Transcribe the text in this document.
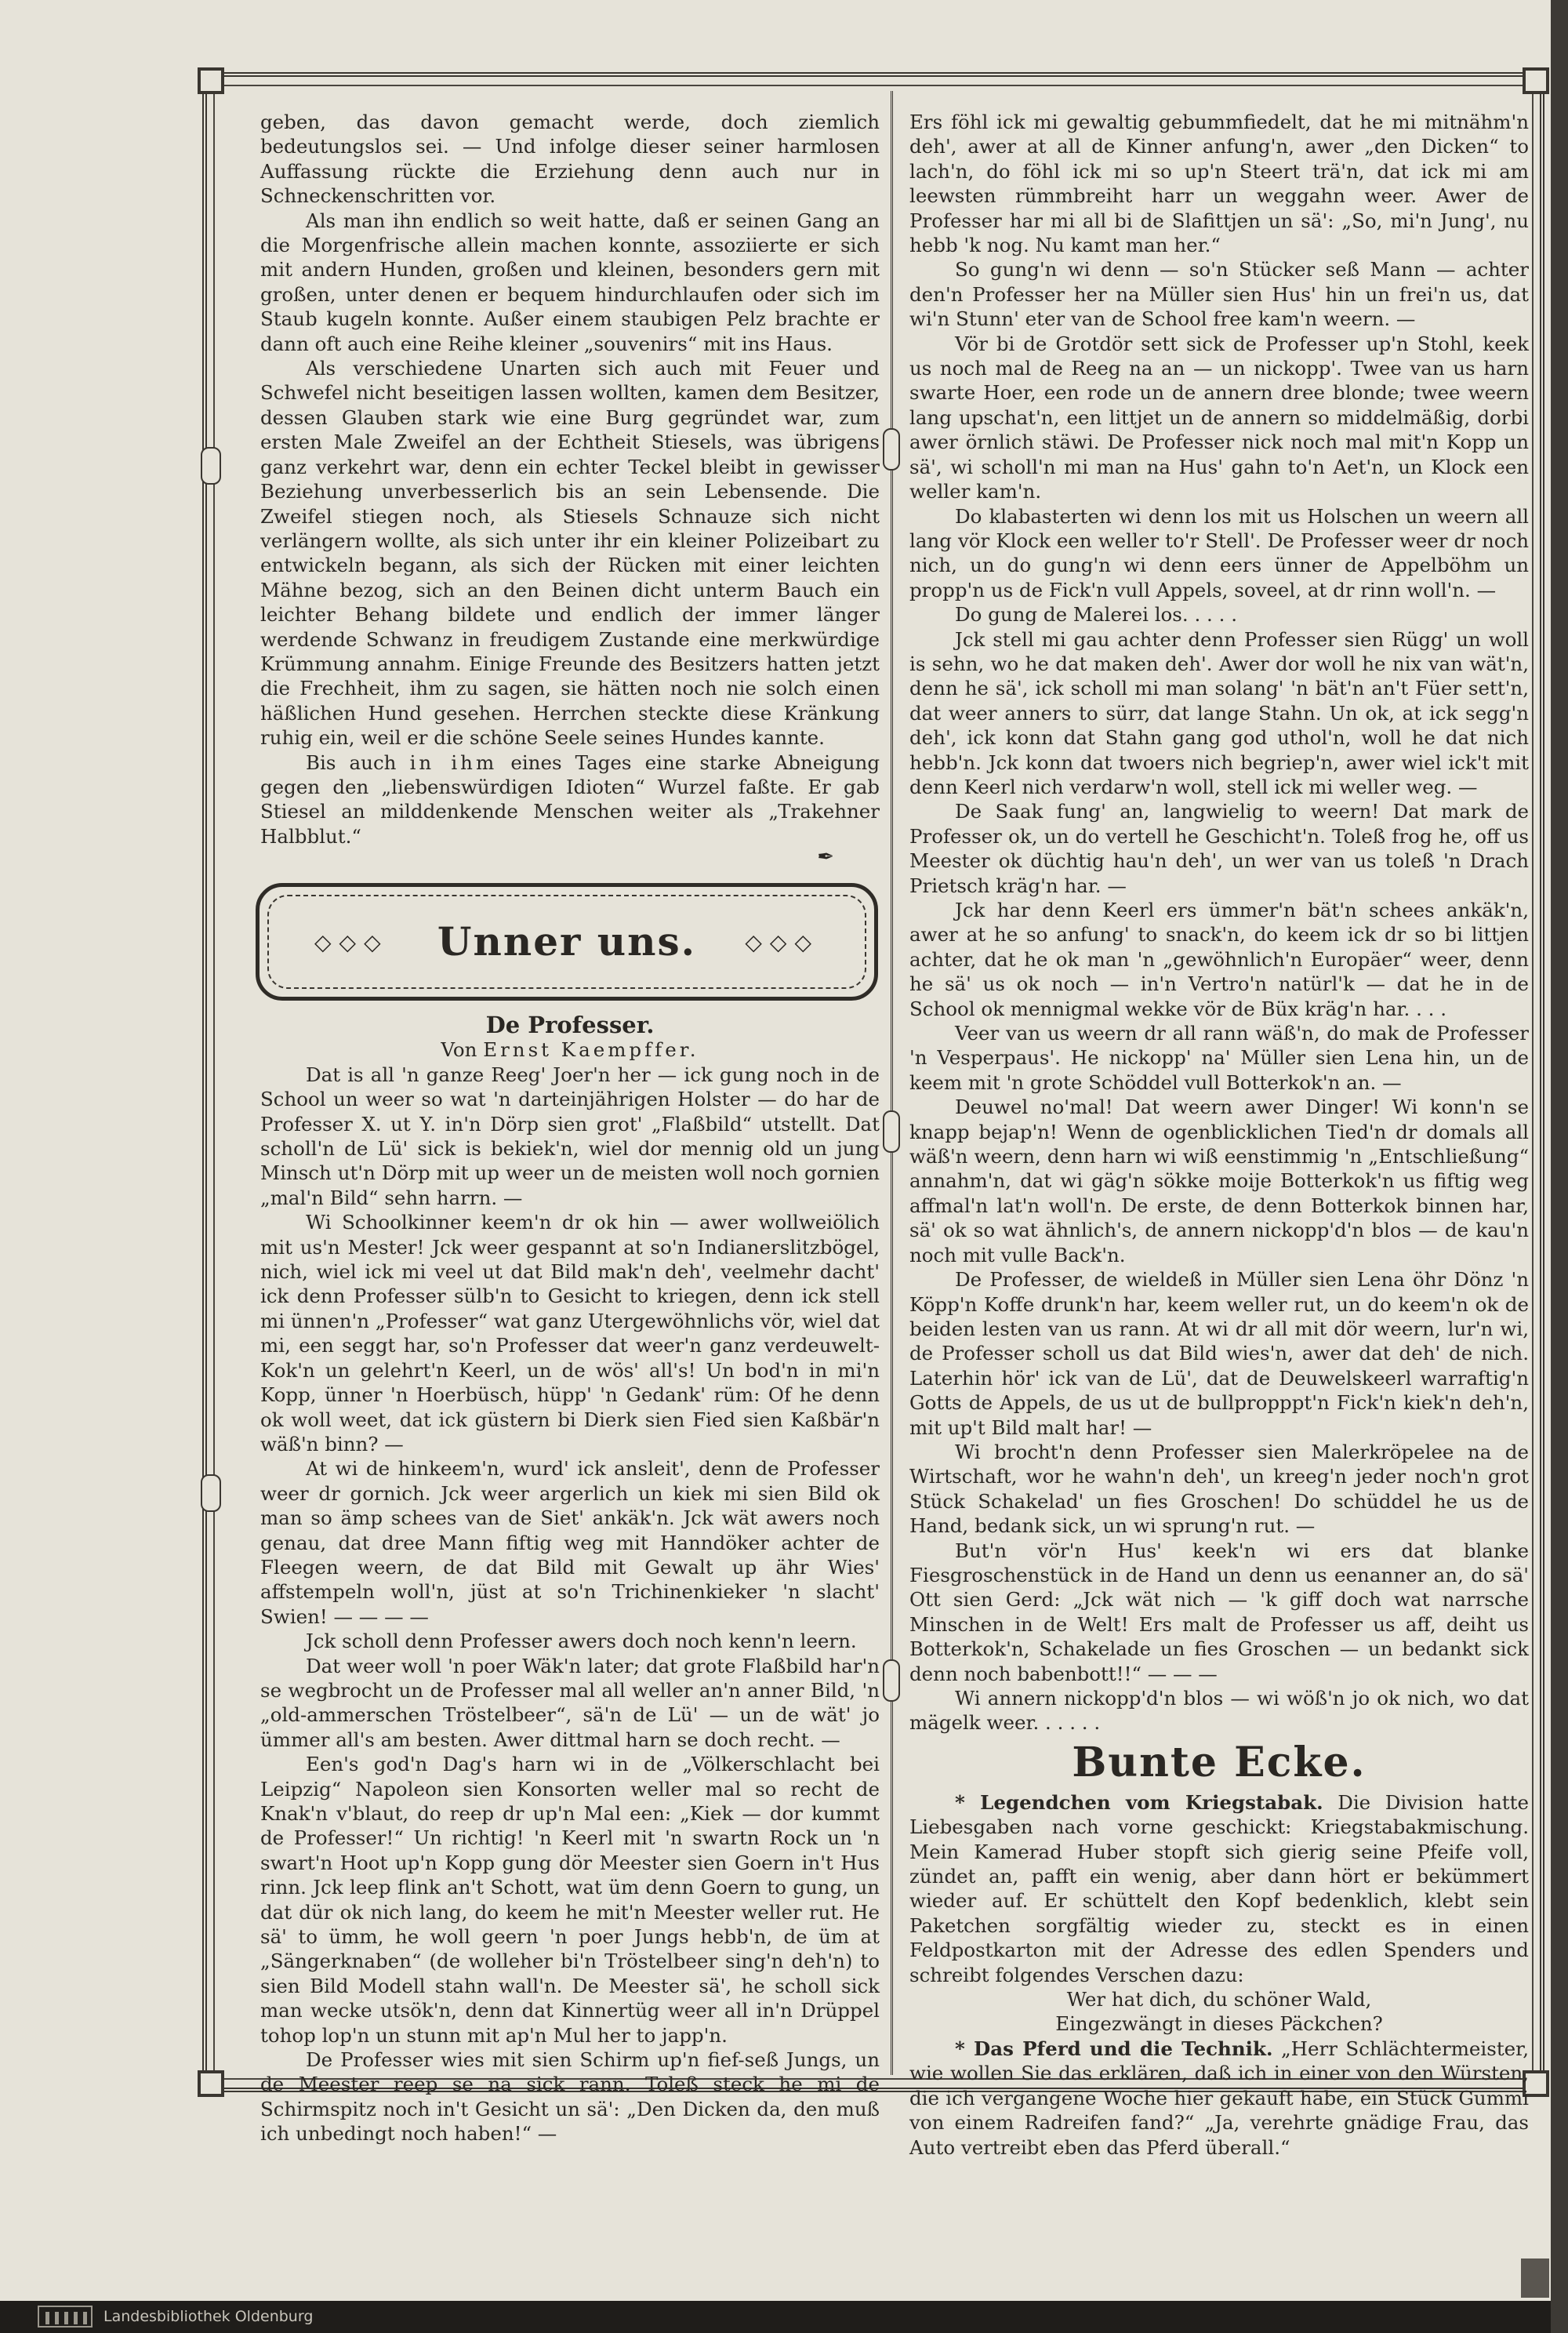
geben, das davon gemacht werde, doch ziemlich bedeutungslos sei. — Und infolge dieser seiner harmlosen Auffassung rückte die Erziehung denn auch nur in Schneckenschritten vor.

Als man ihn endlich so weit hatte, daß er seinen Gang an die Morgenfrische allein machen konnte, assoziierte er sich mit andern Hunden, großen und kleinen, besonders gern mit großen, unter denen er bequem hindurchlaufen oder sich im Staub kugeln konnte. Außer einem staubigen Pelz brachte er dann oft auch eine Reihe kleiner „souvenirs“ mit ins Haus.

Als verschiedene Unarten sich auch mit Feuer und Schwefel nicht beseitigen lassen wollten, kamen dem Besitzer, dessen Glauben stark wie eine Burg gegründet war, zum ersten Male Zweifel an der Echtheit Stiesels, was übrigens ganz verkehrt war, denn ein echter Teckel bleibt in gewisser Beziehung unverbesserlich bis an sein Lebensende. Die Zweifel stiegen noch, als Stiesels Schnauze sich nicht verlängern wollte, als sich unter ihr ein kleiner Polizeibart zu entwickeln begann, als sich der Rücken mit einer leichten Mähne bezog, sich an den Beinen dicht unterm Bauch ein leichter Behang bildete und endlich der immer länger werdende Schwanz in freudigem Zustande eine merkwürdige Krümmung annahm. Einige Freunde des Besitzers hatten jetzt die Frechheit, ihm zu sagen, sie hätten noch nie solch einen häßlichen Hund gesehen. Herrchen steckte diese Kränkung ruhig ein, weil er die schöne Seele seines Hundes kannte.

Bis auch in ihm eines Tages eine starke Abneigung gegen den „liebenswürdigen Idioten“ Wurzel faßte. Er gab Stiesel an milddenkende Menschen weiter als „Trakehner Halbblut.“

✒
◇◇◇	Unner uns.	◇◇◇

De Professer.

Von Ernst Kaempffer.

Dat is all 'n ganze Reeg' Joer'n her — ick gung noch in de School un weer so wat 'n darteinjährigen Holster — do har de Professer X. ut Y. in'n Dörp sien grot' „Flaßbild“ utstellt. Dat scholl'n de Lü' sick is bekiek'n, wiel dor mennig old un jung Minsch ut'n Dörp mit up weer un de meisten woll noch gornien „mal'n Bild“ sehn harrn. —

Wi Schoolkinner keem'n dr ok hin — awer wollweiölich mit us'n Mester! Jck weer gespannt at so'n Indianerslitzbögel, nich, wiel ick mi veel ut dat Bild mak'n deh', veelmehr dacht' ick denn Professer sülb'n to Gesicht to kriegen, denn ick stell mi ünnen'n „Professer“ wat ganz Utergewöhnlichs vör, wiel dat mi, een seggt har, so'n Professer dat weer'n ganz verdeuwelt-Kok'n un gelehrt'n Keerl, un de wös' all's! Un bod'n in mi'n Kopp, ünner 'n Hoerbüsch, hüpp' 'n Gedank' rüm: Of he denn ok woll weet, dat ick güstern bi Dierk sien Fied sien Kaßbär'n wäß'n binn? —

At wi de hinkeem'n, wurd' ick ansleit', denn de Professer weer dr gornich. Jck weer argerlich un kiek mi sien Bild ok man so ämp schees van de Siet' ankäk'n. Jck wät awers noch genau, dat dree Mann fiftig weg mit Hanndöker achter de Fleegen weern, de dat Bild mit Gewalt up ähr Wies' affstempeln woll'n, jüst at so'n Trichinenkieker 'n slacht' Swien! — — — —

Jck scholl denn Professer awers doch noch kenn'n leern.

Dat weer woll 'n poer Wäk'n later; dat grote Flaßbild har'n se wegbrocht un de Professer mal all weller an'n anner Bild, 'n „old-ammerschen Tröstelbeer“, sä'n de Lü' — un de wät' jo ümmer all's am besten. Awer dittmal harn se doch recht. —

Een's god'n Dag's harn wi in de „Völkerschlacht bei Leipzig“ Napoleon sien Konsorten weller mal so recht de Knak'n v'blaut, do reep dr up'n Mal een: „Kiek — dor kummt de Professer!“ Un richtig! 'n Keerl mit 'n swartn Rock un 'n swart'n Hoot up'n Kopp gung dör Meester sien Goern in't Hus rinn. Jck leep flink an't Schott, wat üm denn Goern to gung, un dat dür ok nich lang, do keem he mit'n Meester weller rut. He sä' to ümm, he woll geern 'n poer Jungs hebb'n, de üm at „Sängerknaben“ (de wolleher bi'n Tröstelbeer sing'n deh'n) to sien Bild Modell stahn wall'n. De Meester sä', he scholl sick man wecke utsök'n, denn dat Kinnertüg weer all in'n Drüppel tohop lop'n un stunn mit ap'n Mul her to japp'n.

De Professer wies mit sien Schirm up'n fief-seß Jungs, un de Meester reep se na sick rann. Toleß steck he mi de Schirmspitz noch in't Gesicht un sä': „Den Dicken da, den muß ich unbedingt noch haben!“ —

Ers föhl ick mi gewaltig gebummfiedelt, dat he mi mitnähm'n deh', awer at all de Kinner anfung'n, awer „den Dicken“ to lach'n, do föhl ick mi so up'n Steert trä'n, dat ick mi am leewsten rümmbreiht harr un weggahn weer. Awer de Professer har mi all bi de Slafittjen un sä': „So, mi'n Jung', nu hebb 'k nog. Nu kamt man her.“

So gung'n wi denn — so'n Stücker seß Mann — achter den'n Professer her na Müller sien Hus' hin un frei'n us, dat wi'n Stunn' eter van de School free kam'n weern. —

Vör bi de Grotdör sett sick de Professer up'n Stohl, keek us noch mal de Reeg na an — un nickopp'. Twee van us harn swarte Hoer, een rode un de annern dree blonde; twee weern lang upschat'n, een littjet un de annern so middelmäßig, dorbi awer örnlich stäwi. De Professer nick noch mal mit'n Kopp un sä', wi scholl'n mi man na Hus' gahn to'n Aet'n, un Klock een weller kam'n.

Do klabasterten wi denn los mit us Holschen un weern all lang vör Klock een weller to'r Stell'. De Professer weer dr noch nich, un do gung'n wi denn eers ünner de Appelböhm un propp'n us de Fick'n vull Appels, soveel, at dr rinn woll'n. —

Do gung de Malerei los. . . . .

Jck stell mi gau achter denn Professer sien Rügg' un woll is sehn, wo he dat maken deh'. Awer dor woll he nix van wät'n, denn he sä', ick scholl mi man solang' 'n bät'n an't Füer sett'n, dat weer anners to sürr, dat lange Stahn. Un ok, at ick segg'n deh', ick konn dat Stahn gang god uthol'n, woll he dat nich hebb'n. Jck konn dat twoers nich begriep'n, awer wiel ick't mit denn Keerl nich verdarw'n woll, stell ick mi weller weg. —

De Saak fung' an, langwielig to weern! Dat mark de Professer ok, un do vertell he Geschicht'n. Toleß frog he, off us Meester ok düchtig hau'n deh', un wer van us toleß 'n Drach Prietsch kräg'n har. —

Jck har denn Keerl ers ümmer'n bät'n schees ankäk'n, awer at he so anfung' to snack'n, do keem ick dr so bi littjen achter, dat he ok man 'n „gewöhnlich'n Europäer“ weer, denn he sä' us ok noch — in'n Vertro'n natürl'k — dat he in de School ok mennigmal wekke vör de Büx kräg'n har. . . .

Veer van us weern dr all rann wäß'n, do mak de Professer 'n Vesperpaus'. He nickopp' na' Müller sien Lena hin, un de keem mit 'n grote Schöddel vull Botterkok'n an. —

Deuwel no'mal! Dat weern awer Dinger! Wi konn'n se knapp bejap'n! Wenn de ogenblicklichen Tied'n dr domals all wäß'n weern, denn harn wi wiß eenstimmig 'n „Entschließung“ annahm'n, dat wi gäg'n sökke moije Botterkok'n us fiftig weg affmal'n lat'n woll'n. De erste, de denn Botterkok binnen har, sä' ok so wat ähnlich's, de annern nickopp'd'n blos — de kau'n noch mit vulle Back'n.

De Professer, de wieldeß in Müller sien Lena öhr Dönz 'n Köpp'n Koffe drunk'n har, keem weller rut, un do keem'n ok de beiden lesten van us rann. At wi dr all mit dör weern, lur'n wi, de Professer scholl us dat Bild wies'n, awer dat deh' de nich. Laterhin hör' ick van de Lü', dat de Deuwelskeerl warraftig'n Gotts de Appels, de us ut de bullpropppt'n Fick'n kiek'n deh'n, mit up't Bild malt har! —

Wi brocht'n denn Professer sien Malerkröpelee na de Wirtschaft, wor he wahn'n deh', un kreeg'n jeder noch'n grot Stück Schakelad' un fies Groschen! Do schüddel he us de Hand, bedank sick, un wi sprung'n rut. —

But'n vör'n Hus' keek'n wi ers dat blanke Fiesgroschenstück in de Hand un denn us eenanner an, do sä' Ott sien Gerd: „Jck wät nich — 'k giff doch wat narrsche Minschen in de Welt! Ers malt de Professer us aff, deiht us Botterkok'n, Schakelade un fies Groschen — un bedankt sick denn noch babenbott!!“ — — —

Wi annern nickopp'd'n blos — wi wöß'n jo ok nich, wo dat mägelk weer. . . . . .

Bunte Ecke.

* Legendchen vom Kriegstabak. Die Division hatte Liebesgaben nach vorne geschickt: Kriegstabakmischung. Mein Kamerad Huber stopft sich gierig seine Pfeife voll, zündet an, pafft ein wenig, aber dann hört er bekümmert wieder auf. Er schüttelt den Kopf bedenklich, klebt sein Paketchen sorgfältig wieder zu, steckt es in einen Feldpostkarton mit der Adresse des edlen Spenders und schreibt folgendes Verschen dazu:

Wer hat dich, du schöner Wald,

Eingezwängt in dieses Päckchen?

* Das Pferd und die Technik. „Herr Schlächtermeister, wie wollen Sie das erklären, daß ich in einer von den Würsten, die ich vergangene Woche hier gekauft habe, ein Stück Gummi von einem Radreifen fand?“ „Ja, verehrte gnädige Frau, das Auto vertreibt eben das Pferd überall.“

Landesbibliothek Oldenburg
